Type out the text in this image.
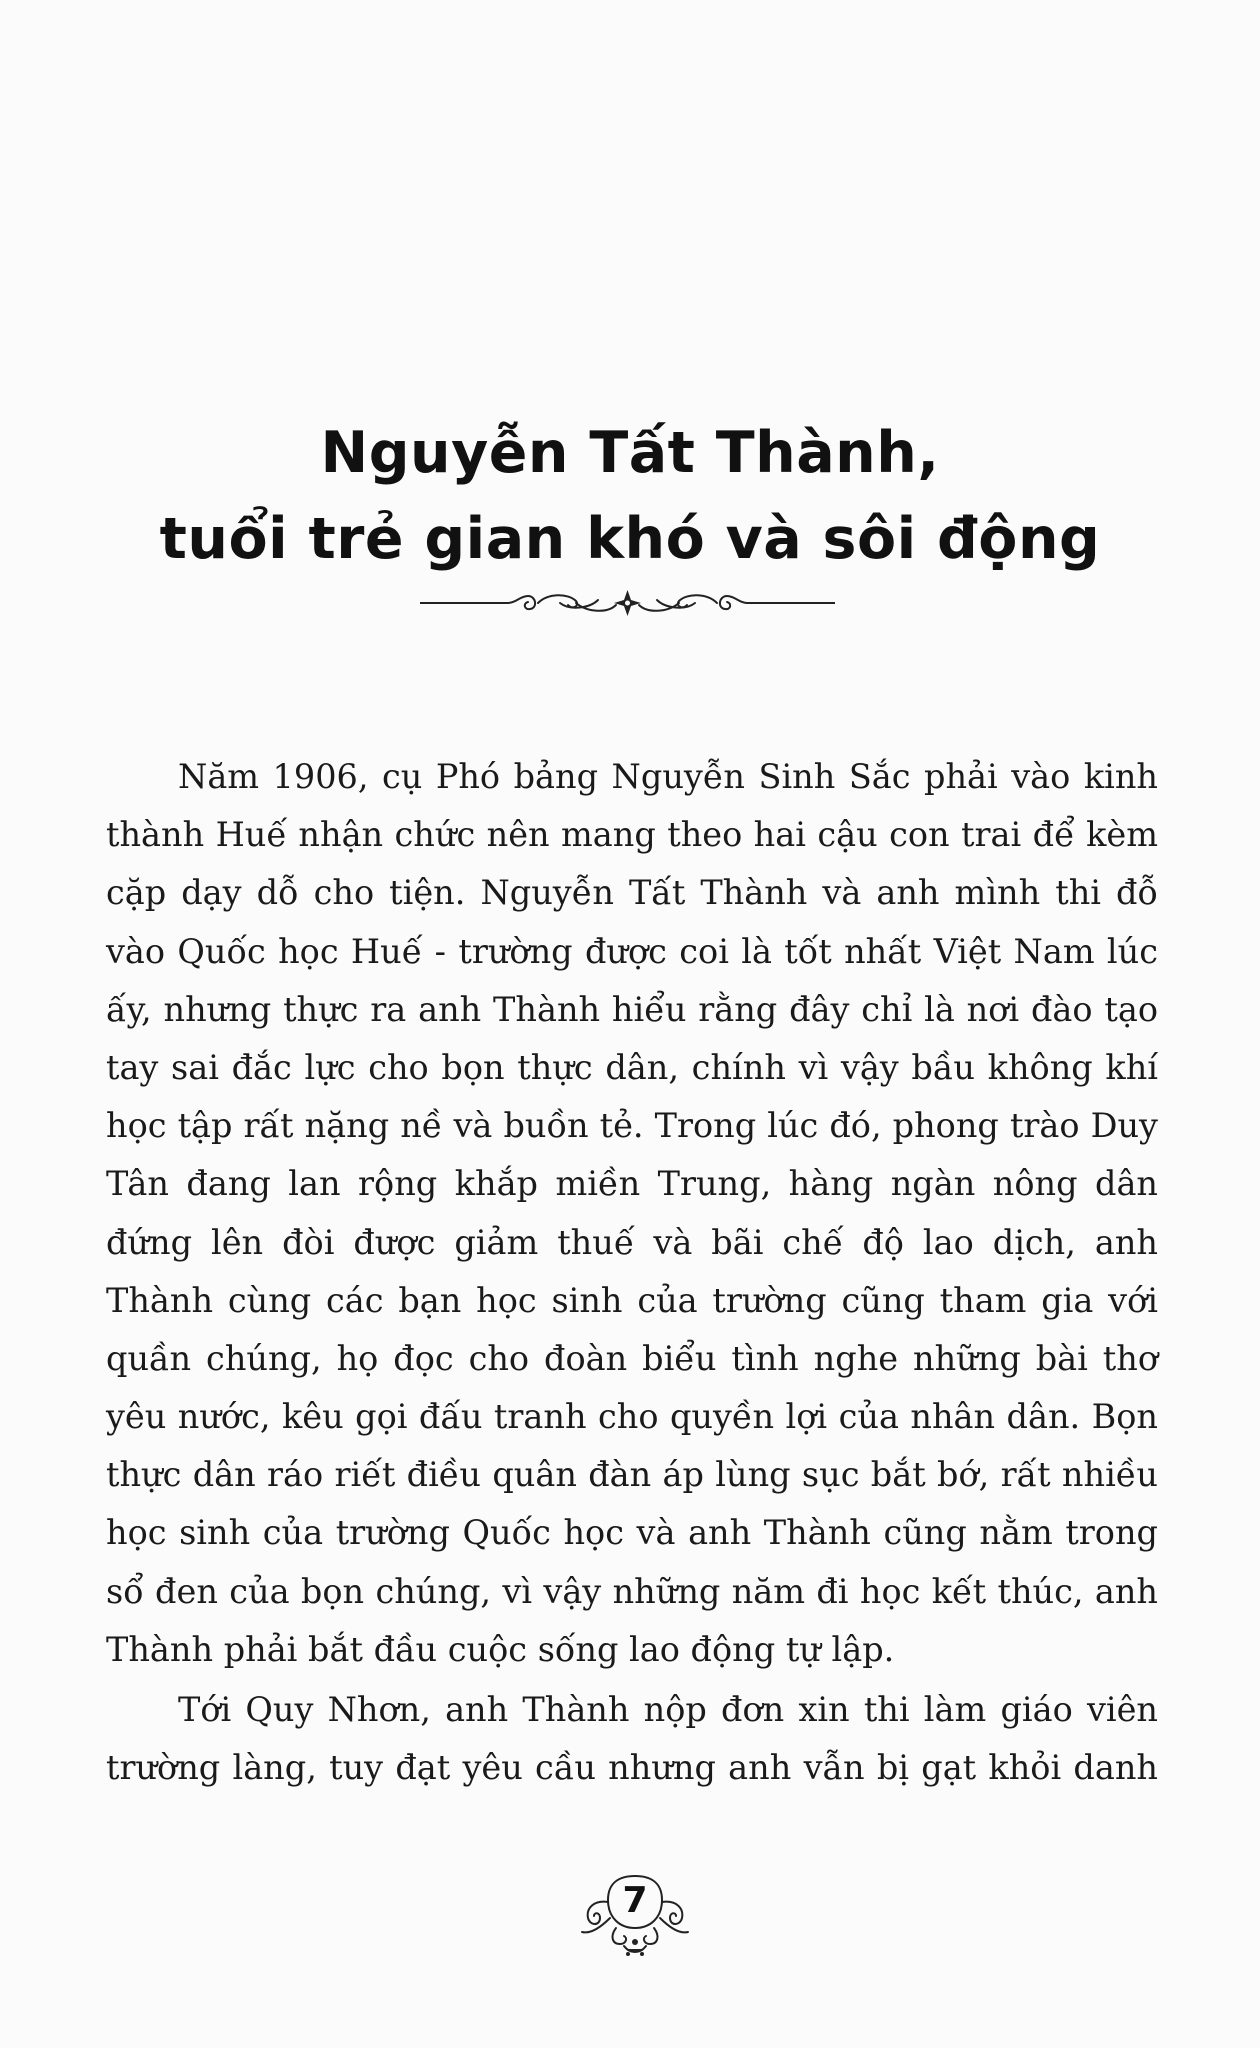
Nguyễn Tất Thành,
tuổi trẻ gian khó và sôi động
Năm 1906, cụ Phó bảng Nguyễn Sinh Sắc phải vào kinh
thành Huế nhận chức nên mang theo hai cậu con trai để kèm
cặp dạy dỗ cho tiện. Nguyễn Tất Thành và anh mình thi đỗ
vào Quốc học Huế - trường được coi là tốt nhất Việt Nam lúc
ấy, nhưng thực ra anh Thành hiểu rằng đây chỉ là nơi đào tạo
tay sai đắc lực cho bọn thực dân, chính vì vậy bầu không khí
học tập rất nặng nề và buồn tẻ. Trong lúc đó, phong trào Duy
Tân đang lan rộng khắp miền Trung, hàng ngàn nông dân
đứng lên đòi được giảm thuế và bãi chế độ lao dịch, anh
Thành cùng các bạn học sinh của trường cũng tham gia với
quần chúng, họ đọc cho đoàn biểu tình nghe những bài thơ
yêu nước, kêu gọi đấu tranh cho quyền lợi của nhân dân. Bọn
thực dân ráo riết điều quân đàn áp lùng sục bắt bớ, rất nhiều
học sinh của trường Quốc học và anh Thành cũng nằm trong
sổ đen của bọn chúng, vì vậy những năm đi học kết thúc, anh
Thành phải bắt đầu cuộc sống lao động tự lập.
Tới Quy Nhơn, anh Thành nộp đơn xin thi làm giáo viên
trường làng, tuy đạt yêu cầu nhưng anh vẫn bị gạt khỏi danh
7
